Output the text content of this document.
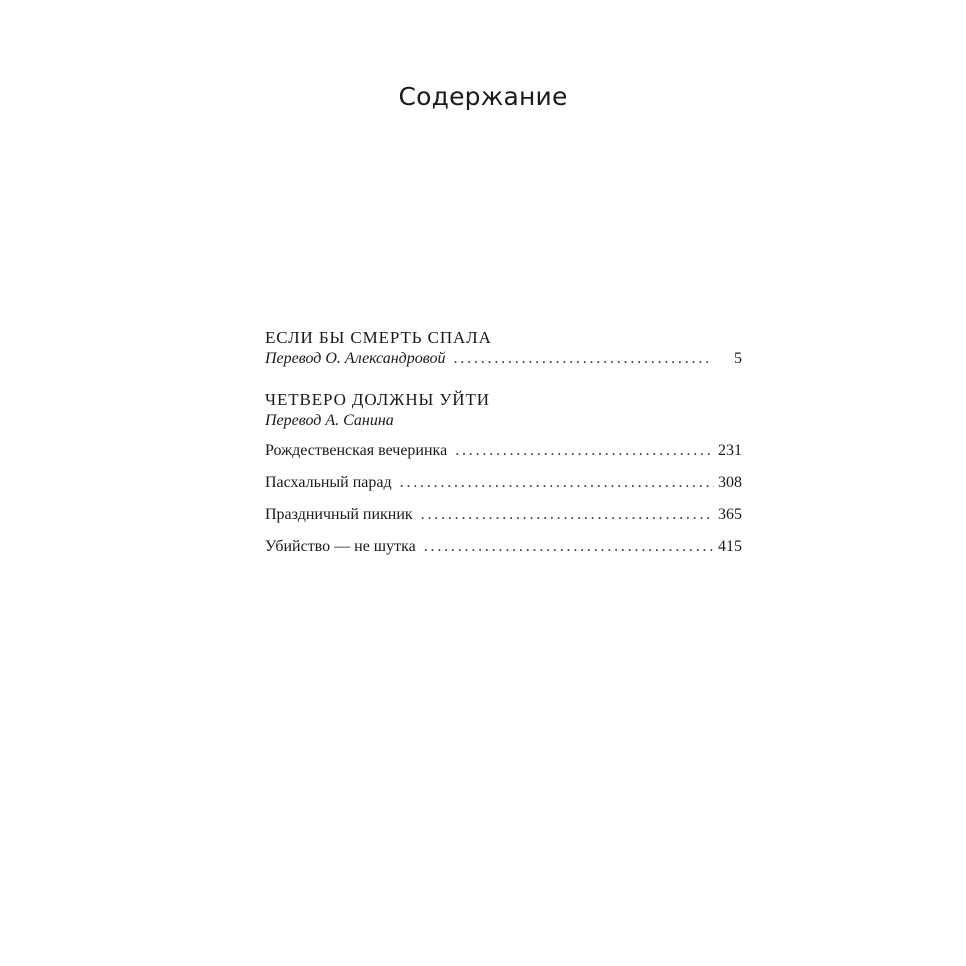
Содержание
ЕСЛИ БЫ СМЕРТЬ СПАЛА
Перевод О. Александровой . . .	5
ЧЕТВЕРО ДОЛЖНЫ УЙТИ
Перевод А. Санина
Рождественская вечеринка . . .	231
Пасхальный парад . . .	308
Праздничный пикник . . .	365
Убийство — не шутка . . .	415
